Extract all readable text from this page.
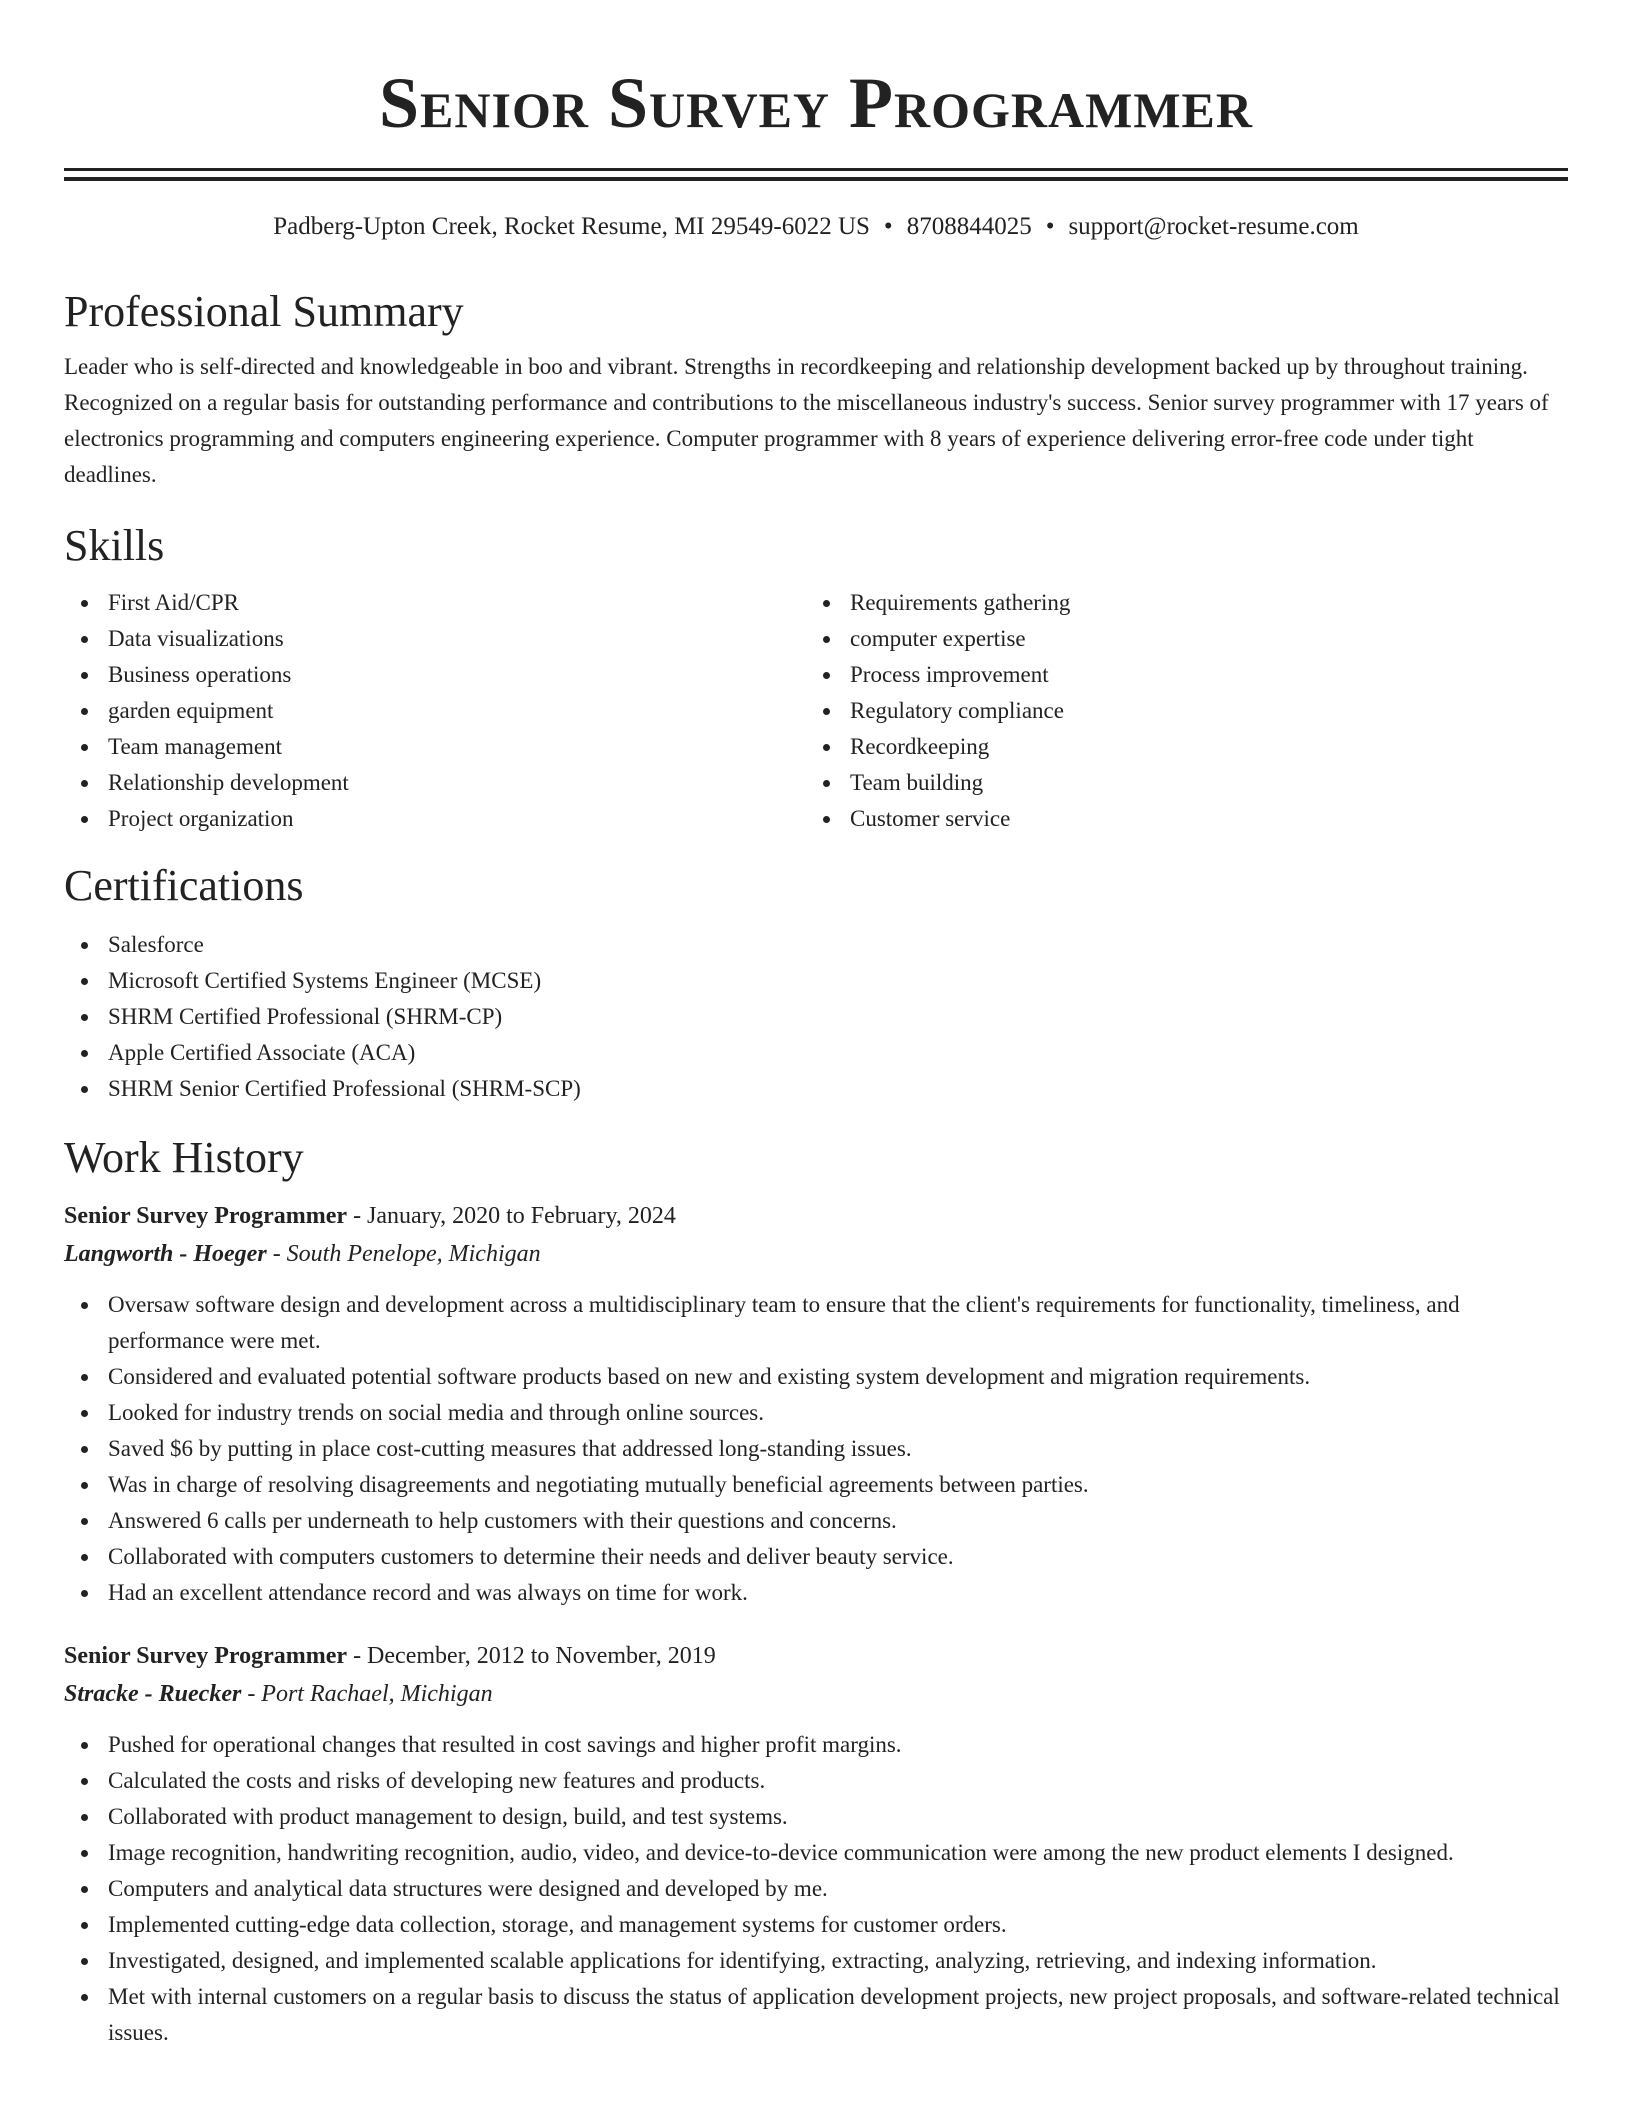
Senior Survey Programmer
Padberg-Upton Creek, Rocket Resume, MI 29549-6022 US • 8708844025 • support@rocket-resume.com
Professional Summary
Leader who is self-directed and knowledgeable in boo and vibrant. Strengths in recordkeeping and relationship development backed up by throughout training. Recognized on a regular basis for outstanding performance and contributions to the miscellaneous industry's success. Senior survey programmer with 17 years of electronics programming and computers engineering experience. Computer programmer with 8 years of experience delivering error-free code under tight deadlines.
Skills
First Aid/CPR
Data visualizations
Business operations
garden equipment
Team management
Relationship development
Project organization
Requirements gathering
computer expertise
Process improvement
Regulatory compliance
Recordkeeping
Team building
Customer service
Certifications
Salesforce
Microsoft Certified Systems Engineer (MCSE)
SHRM Certified Professional (SHRM-CP)
Apple Certified Associate (ACA)
SHRM Senior Certified Professional (SHRM-SCP)
Work History
Senior Survey Programmer - January, 2020 to February, 2024
Langworth - Hoeger - South Penelope, Michigan
Oversaw software design and development across a multidisciplinary team to ensure that the client's requirements for functionality, timeliness, and performance were met.
Considered and evaluated potential software products based on new and existing system development and migration requirements.
Looked for industry trends on social media and through online sources.
Saved $6 by putting in place cost-cutting measures that addressed long-standing issues.
Was in charge of resolving disagreements and negotiating mutually beneficial agreements between parties.
Answered 6 calls per underneath to help customers with their questions and concerns.
Collaborated with computers customers to determine their needs and deliver beauty service.
Had an excellent attendance record and was always on time for work.
Senior Survey Programmer - December, 2012 to November, 2019
Stracke - Ruecker - Port Rachael, Michigan
Pushed for operational changes that resulted in cost savings and higher profit margins.
Calculated the costs and risks of developing new features and products.
Collaborated with product management to design, build, and test systems.
Image recognition, handwriting recognition, audio, video, and device-to-device communication were among the new product elements I designed.
Computers and analytical data structures were designed and developed by me.
Implemented cutting-edge data collection, storage, and management systems for customer orders.
Investigated, designed, and implemented scalable applications for identifying, extracting, analyzing, retrieving, and indexing information.
Met with internal customers on a regular basis to discuss the status of application development projects, new project proposals, and software-related technical issues.
